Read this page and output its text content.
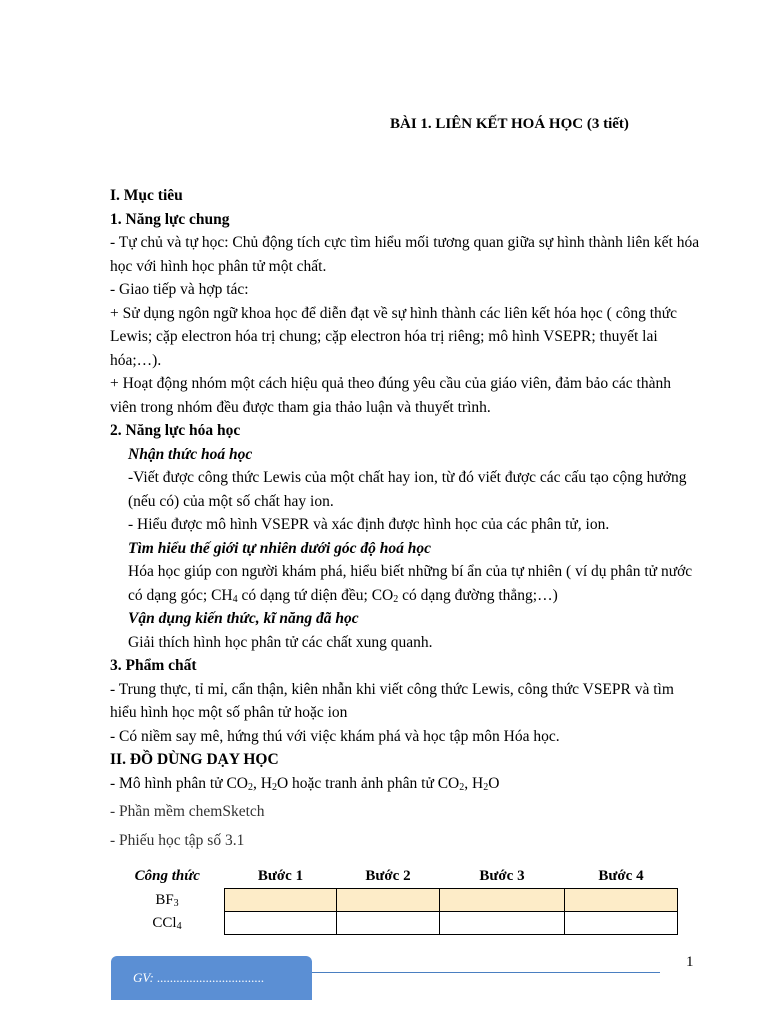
BÀI 1. LIÊN KẾT HOÁ HỌC (3 tiết)

I. Mục tiêu

1. Năng lực chung

- Tự chủ và tự học: Chủ động tích cực tìm hiểu mối tương quan giữa sự hình thành liên kết hóa học với hình học phân tử một chất.

- Giao tiếp và hợp tác:

+ Sử dụng ngôn ngữ khoa học để diễn đạt về sự hình thành các liên kết hóa học ( công thức Lewis; cặp electron hóa trị chung; cặp electron hóa trị riêng; mô hình VSEPR; thuyết lai hóa;…).

+ Hoạt động nhóm một cách hiệu quả theo đúng yêu cầu của giáo viên, đảm bảo các thành viên trong nhóm đều được tham gia thảo luận và thuyết trình.

2. Năng lực hóa học

Nhận thức hoá học

-Viết được công thức Lewis của một chất hay ion, từ đó viết được các cấu tạo cộng hưởng (nếu có) của một số chất hay ion.

- Hiểu được mô hình VSEPR và xác định được hình học của các phân tử, ion.

Tìm hiểu thế giới tự nhiên dưới góc độ hoá học

Hóa học giúp con người khám phá, hiểu biết những bí ẩn của tự nhiên ( ví dụ phân tử nước có dạng góc; $CH_4$ có dạng tứ diện đều; $CO_2$ có dạng đường thẳng;…)

Vận dụng kiến thức, kĩ năng đã học

Giải thích hình học phân tử các chất xung quanh.

3. Phẩm chất

- Trung thực, tỉ mỉ, cẩn thận, kiên nhẫn khi viết công thức Lewis, công thức VSEPR và tìm hiểu hình học một số phân tử hoặc ion

- Có niềm say mê, hứng thú với việc khám phá và học tập môn Hóa học.

II. ĐỒ DÙNG DẠY HỌC

- Mô hình phân tử $CO_2$, $H_2O$ hoặc tranh ảnh phân tử $CO_2$, $H_2O$

- Phần mềm chemSketch

- Phiếu học tập số 3.1

Công thức	Bước 1	Bước 2	Bước 3	Bước 4
$BF_3$				
CCl$_4$				
GV: .................................
1
